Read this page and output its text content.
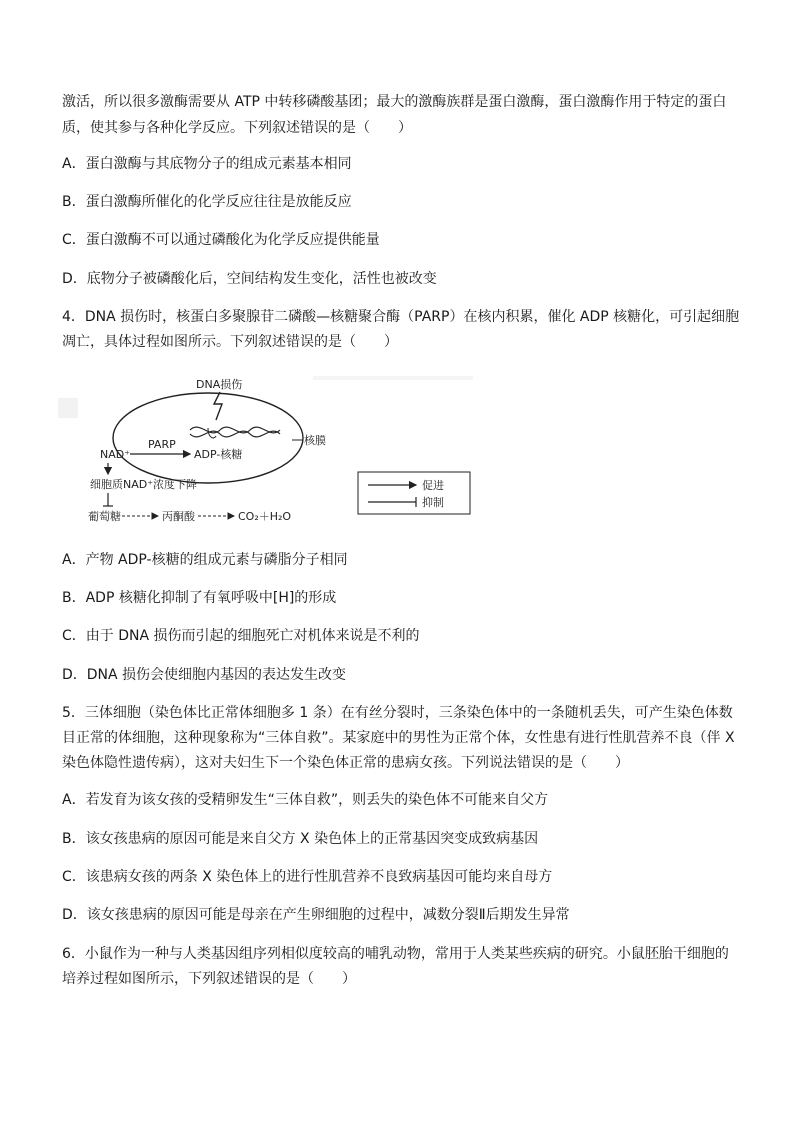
激活，所以很多激酶需要从 ATP 中转移磷酸基团；最大的激酶族群是蛋白激酶，蛋白激酶作用于特定的蛋白
质，使其参与各种化学反应。下列叙述错误的是（　　）
A．蛋白激酶与其底物分子的组成元素基本相同
B．蛋白激酶所催化的化学反应往往是放能反应
C．蛋白激酶不可以通过磷酸化为化学反应提供能量
D．底物分子被磷酸化后，空间结构发生变化，活性也被改变
4．DNA 损伤时，核蛋白多聚腺苷二磷酸—核糖聚合酶（PARP）在核内积累，催化 ADP 核糖化，可引起细胞
凋亡，具体过程如图所示。下列叙述错误的是（　　）
DNA损伤
核膜
NAD⁺
PARP
ADP-核糖
细胞质NAD⁺浓度下降
葡萄糖	丙酮酸	CO₂＋H₂O
促进
抑制
A．产物 ADP-核糖的组成元素与磷脂分子相同
B．ADP 核糖化抑制了有氧呼吸中[H]的形成
C．由于 DNA 损伤而引起的细胞死亡对机体来说是不利的
D．DNA 损伤会使细胞内基因的表达发生改变
5．三体细胞（染色体比正常体细胞多 1 条）在有丝分裂时，三条染色体中的一条随机丢失，可产生染色体数
目正常的体细胞，这种现象称为“三体自救”。某家庭中的男性为正常个体，女性患有进行性肌营养不良（伴 X
染色体隐性遗传病），这对夫妇生下一个染色体正常的患病女孩。下列说法错误的是（　　）
A．若发育为该女孩的受精卵发生“三体自救”，则丢失的染色体不可能来自父方
B．该女孩患病的原因可能是来自父方 X 染色体上的正常基因突变成致病基因
C．该患病女孩的两条 X 染色体上的进行性肌营养不良致病基因可能均来自母方
D．该女孩患病的原因可能是母亲在产生卵细胞的过程中，减数分裂Ⅱ后期发生异常
6．小鼠作为一种与人类基因组序列相似度较高的哺乳动物，常用于人类某些疾病的研究。小鼠胚胎干细胞的
培养过程如图所示，下列叙述错误的是（　　）
